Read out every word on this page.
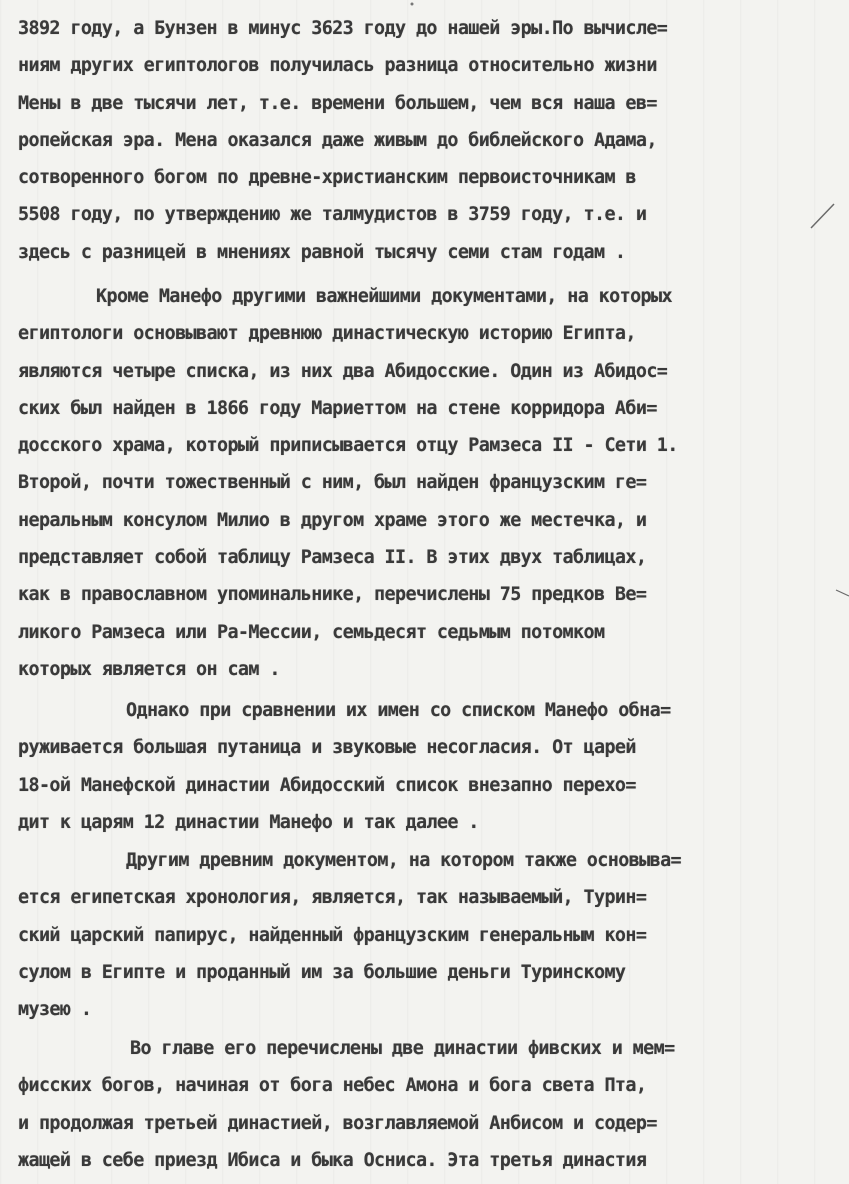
3892 году, а Бунзен в минус 3623 году до нашей эры.По вычисле=
ниям других египтологов получилась разница относительно жизни
Мены в две тысячи лет, т.е. времени большем, чем вся наша ев=
ропейская эра. Мена оказался даже живым до библейского Адама,
сотворенного богом по древне-христианским первоисточникам в
5508 году, по утверждению же талмудистов в 3759 году, т.е. и
здесь с разницей в мнениях равной тысячу семи стам годам .
Кроме Манефо другими важнейшими документами, на которых
египтологи основывают древнюю династическую историю Египта,
являются четыре списка, из них два Абидосские. Один из Абидос=
ских был найден в 1866 году Мариеттом на стене корридора Аби=
досского храма, который приписывается отцу Рамзеса II - Сети 1.
Второй, почти тожественный с ним, был найден французским ге=
неральным консулом Милио в другом храме этого же местечка, и
представляет собой таблицу Рамзеса II. В этих двух таблицах,
как в православном упоминальнике, перечислены 75 предков Ве=
ликого Рамзеса или Ра-Мессии, семьдесят седьмым потомком
которых является он сам .
Однако при сравнении их имен со списком Манефо обна=
руживается большая путаница и звуковые несогласия. От царей
18-ой Манефской династии Абидосский список внезапно перехо=
дит к царям 12 династии Манефо и так далее .
Другим древним документом, на котором также основыва=
ется египетская хронология, является, так называемый, Турин=
ский царский папирус, найденный французским генеральным кон=
сулом в Египте и проданный им за большие деньги Туринскому
музею .
Во главе его перечислены две династии фивских и мем=
фисских богов, начиная от бога небес Амона и бога света Пта,
и продолжая третьей династией, возглавляемой Анбисом и содер=
жащей в себе приезд Ибиса и быка Осниса. Эта третья династия
